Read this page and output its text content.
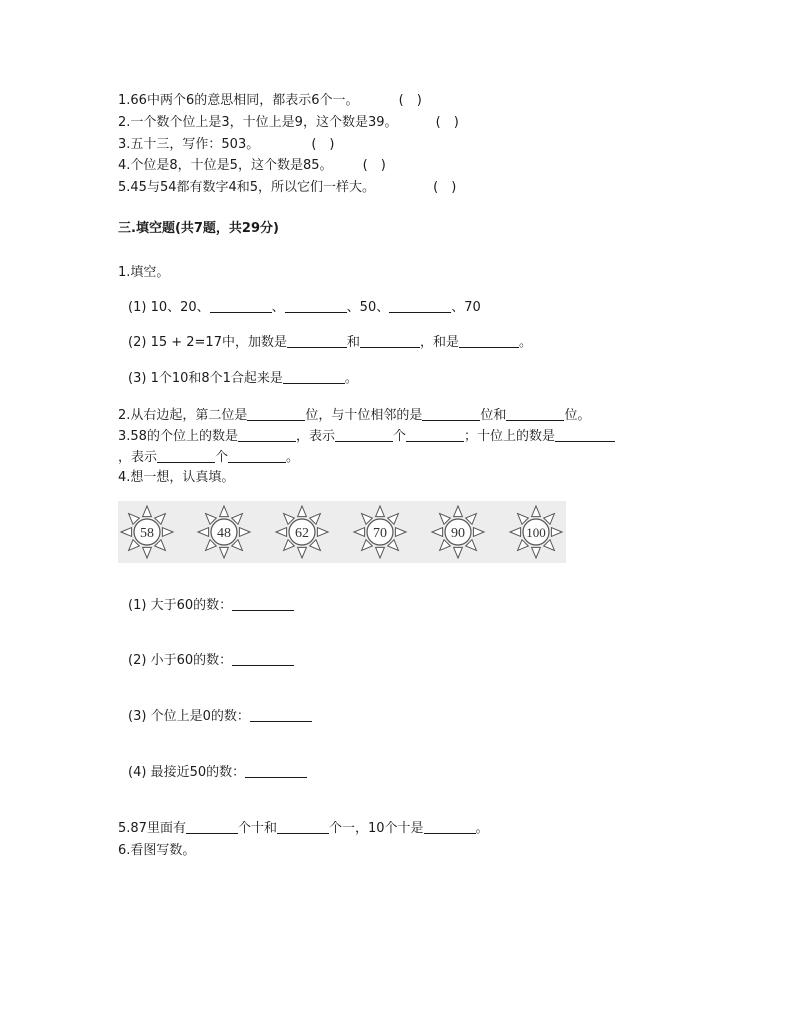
1.66中两个6的意思相同，都表示6个一。	(　)
2.一个数个位上是3，十位上是9，这个数是39。	(　)
3.五十三，写作：503。	(　)
4.个位是8，十位是5，这个数是85。 (　)
5.45与54都有数字4和5，所以它们一样大。	(　)
三.填空题(共7题，共29分)
1.填空。
(1) 10、20、	、	、50、	、70
(2) 15 + 2=17中，加数是	和	，和是	。
(3) 1个10和8个1合起来是	。
2.从右边起，第二位是	位，与十位相邻的是	位和	位。
3.58的个位上的数是	，表示	个	；十位上的数是
，表示	个	。
4.想一想，认真填。
58	48	62	70	90	100
(1) 大于60的数：
(2) 小于60的数：
(3) 个位上是0的数：
(4) 最接近50的数：
5.87里面有	个十和	个一，10个十是	。
6.看图写数。
